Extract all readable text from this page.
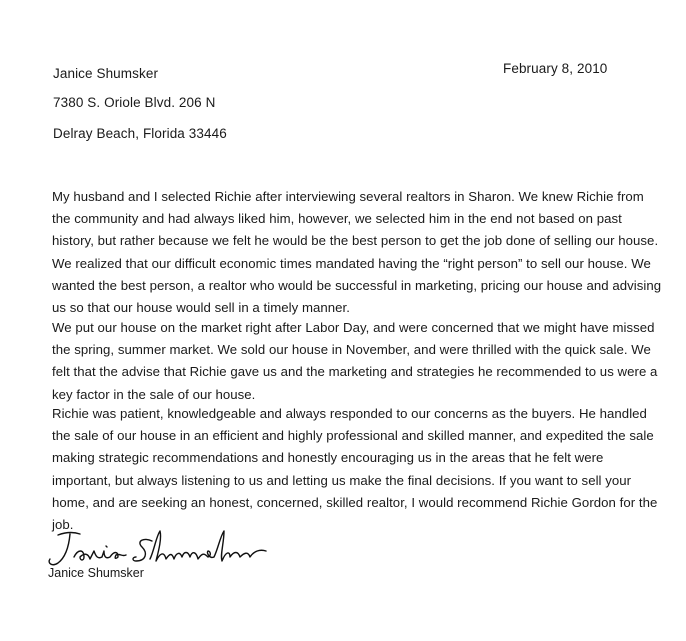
February 8, 2010
Janice Shumsker
7380 S. Oriole Blvd. 206 N
Delray Beach, Florida 33446

My husband and I selected Richie after interviewing several realtors in Sharon. We knew Richie from the community and had always liked him, however, we selected him in the end not based on past history, but rather because we felt he would be the best person to get the job done of selling our house. We realized that our difficult economic times mandated having the “right person” to sell our house. We wanted the best person, a realtor who would be successful in marketing, pricing our house and advising us so that our house would sell in a timely manner.

We put our house on the market right after Labor Day, and were concerned that we might have missed the spring, summer market. We sold our house in November, and were thrilled with the quick sale. We felt that the advise that Richie gave us and the marketing and strategies he recommended to us were a key factor in the sale of our house.

Richie was patient, knowledgeable and always responded to our concerns as the buyers. He handled the sale of our house in an efficient and highly professional and skilled manner, and expedited the sale making strategic recommendations and honestly encouraging us in the areas that he felt were important, but always listening to us and letting us make the final decisions. If you want to sell your home, and are seeking an honest, concerned, skilled realtor, I would recommend Richie Gordon for the job.

Janice Shumsker
